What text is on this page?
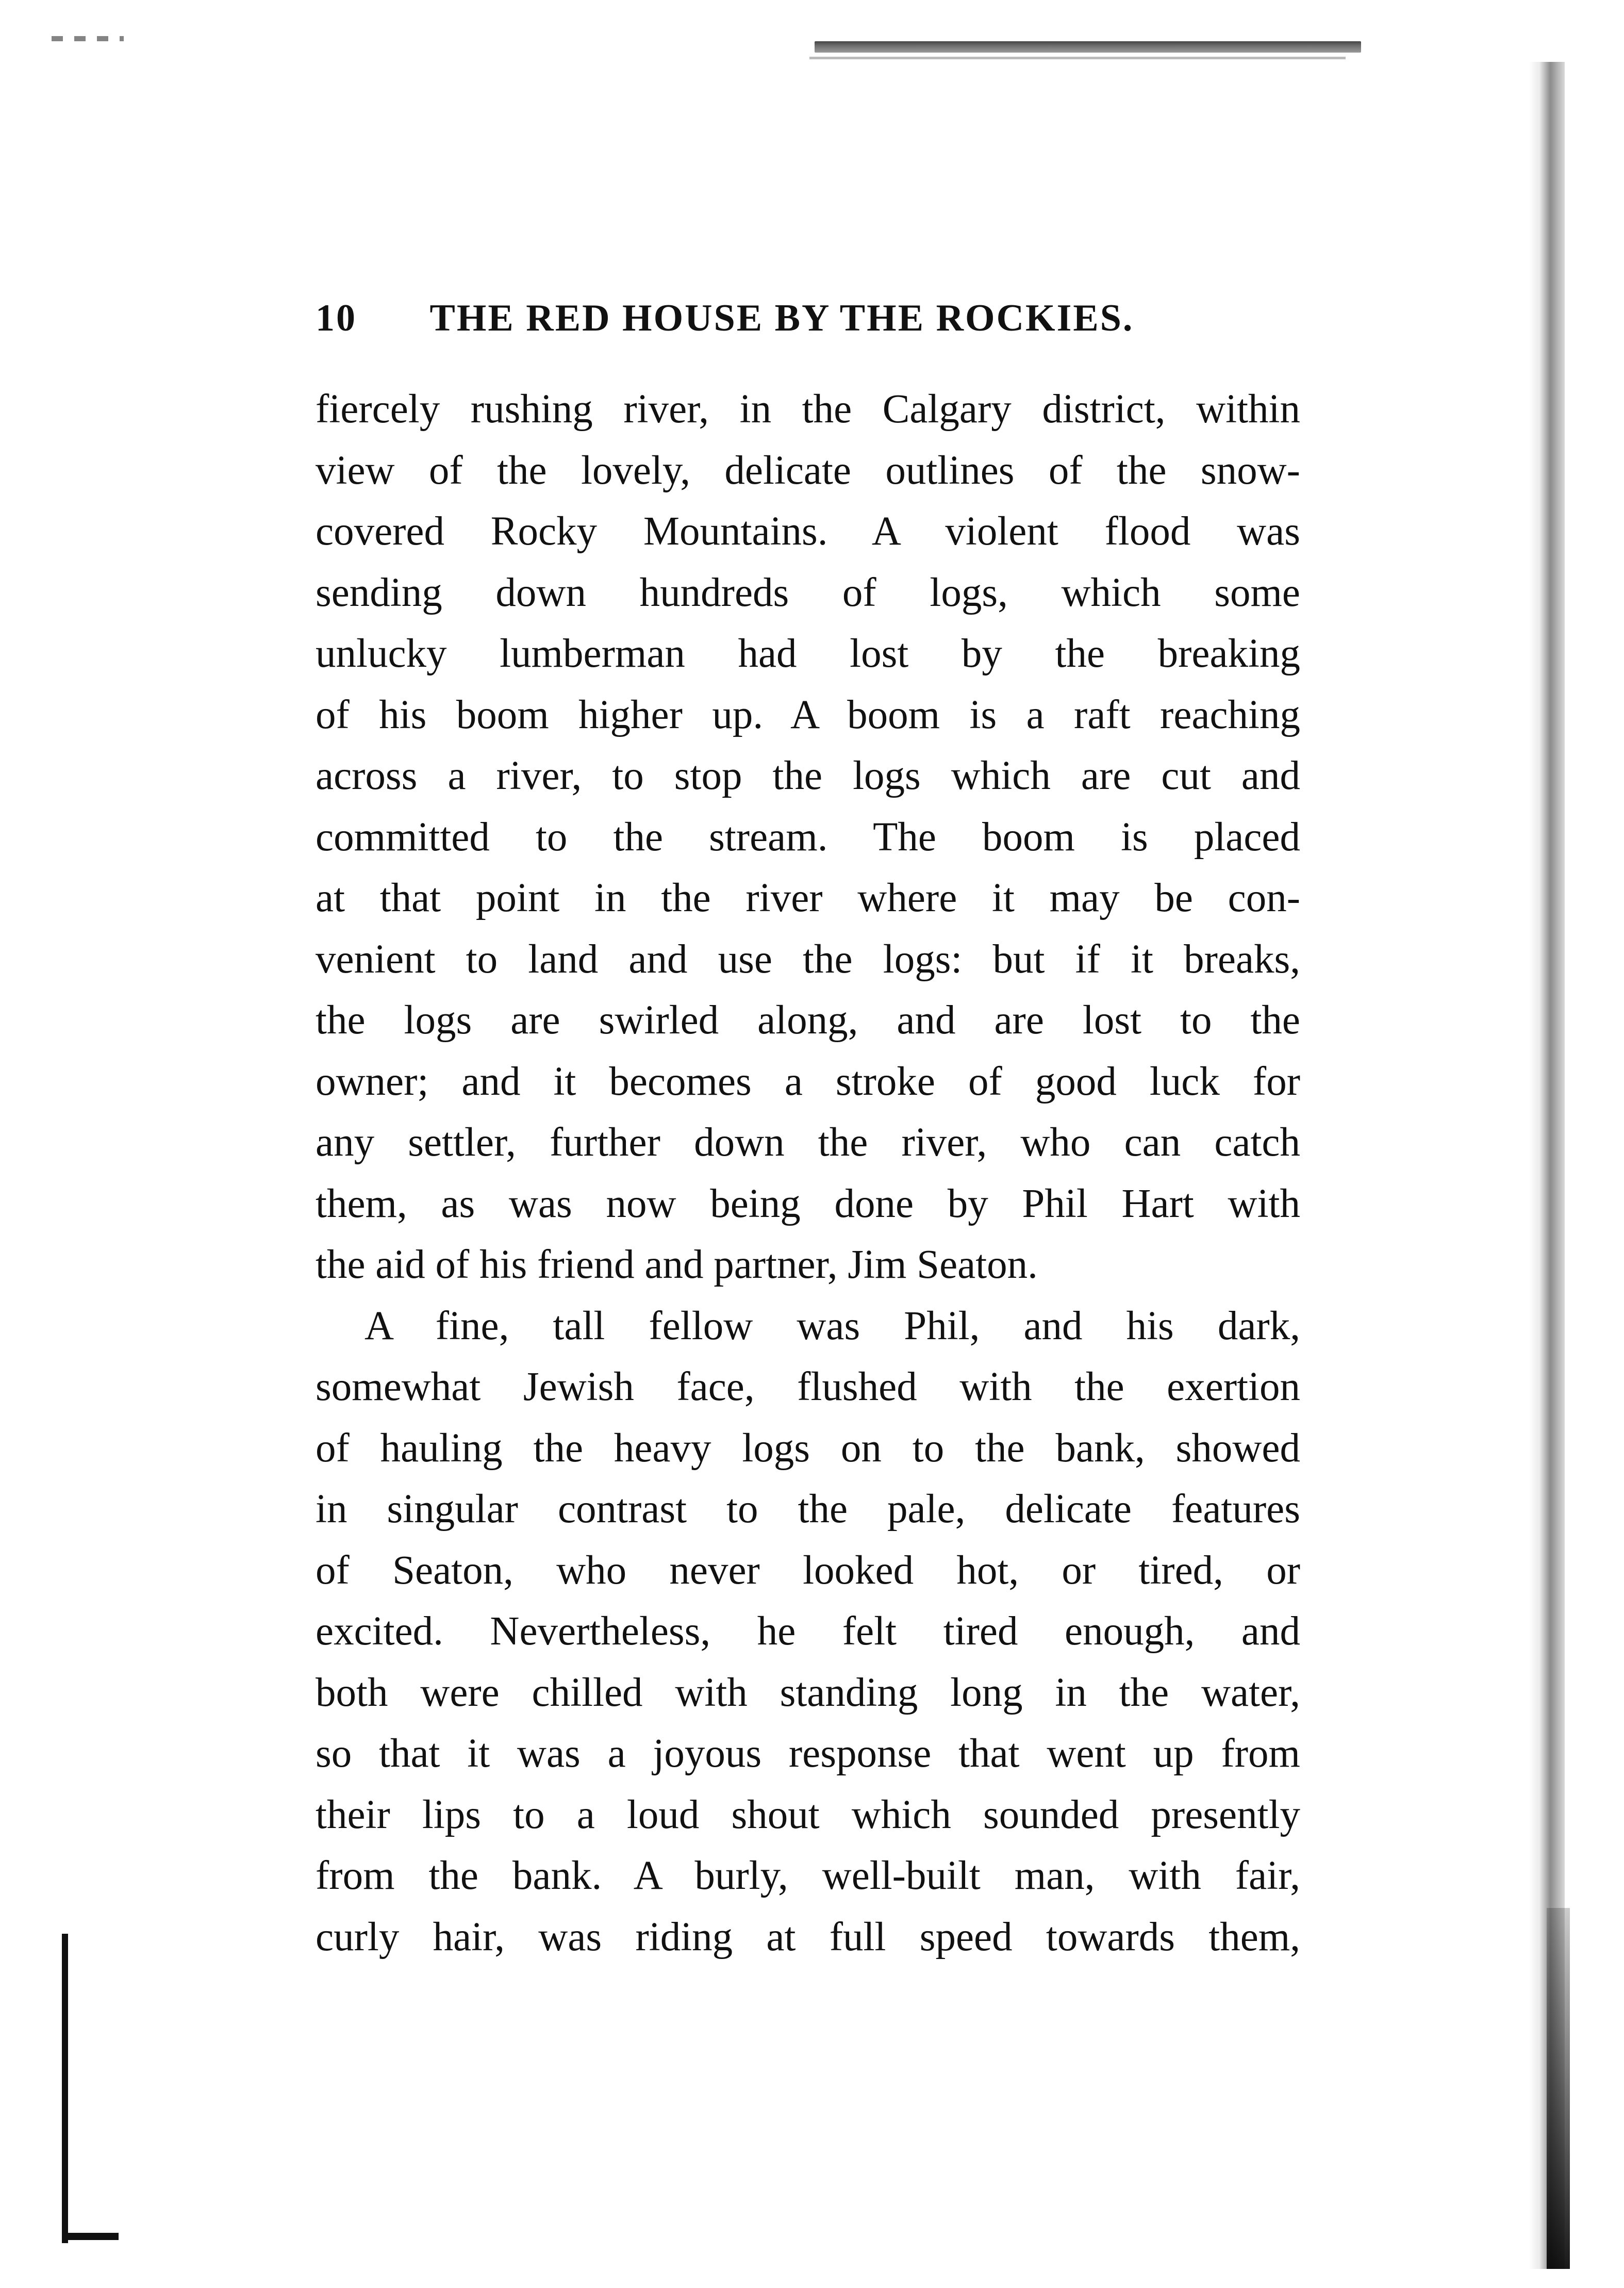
10 THE RED HOUSE BY THE ROCKIES.
fiercely rushing river, in the Calgary district, within
view of the lovely, delicate outlines of the snow-
covered Rocky Mountains. A violent flood was
sending down hundreds of logs, which some
unlucky lumberman had lost by the breaking
of his boom higher up. A boom is a raft reaching
across a river, to stop the logs which are cut and
committed to the stream. The boom is placed
at that point in the river where it may be con-
venient to land and use the logs: but if it breaks,
the logs are swirled along, and are lost to the
owner; and it becomes a stroke of good luck for
any settler, further down the river, who can catch
them, as was now being done by Phil Hart with
the aid of his friend and partner, Jim Seaton.
A fine, tall fellow was Phil, and his dark,
somewhat Jewish face, flushed with the exertion
of hauling the heavy logs on to the bank, showed
in singular contrast to the pale, delicate features
of Seaton, who never looked hot, or tired, or
excited. Nevertheless, he felt tired enough, and
both were chilled with standing long in the water,
so that it was a joyous response that went up from
their lips to a loud shout which sounded presently
from the bank. A burly, well-built man, with fair,
curly hair, was riding at full speed towards them,
